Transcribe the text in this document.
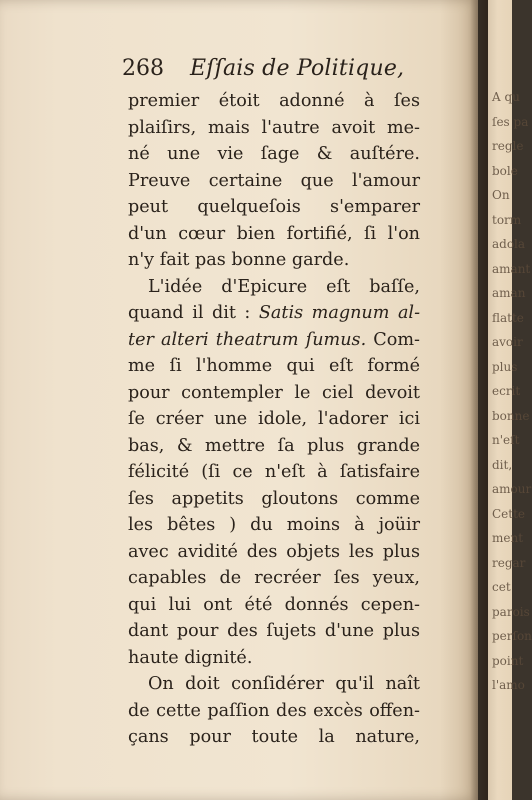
268 Eſſais de Politique,
premier étoit adonné à ſes
plaiſirs, mais l'autre avoit me-
né une vie ſage & auſtére.
Preuve certaine que l'amour
peut quelqueſois s'emparer
d'un cœur bien fortifié, ſi l'on
n'y fait pas bonne garde.
L'idée d'Epicure eſt baſſe,
quand il dit : Satis magnum al-
ter alteri theatrum ſumus. Com-
me ſi l'homme qui eſt formé
pour contempler le ciel devoit
ſe créer une idole, l'adorer ici
bas, & mettre ſa plus grande
félicité (ſi ce n'eſt à ſatisfaire
ſes appetits gloutons comme
les bêtes ) du moins à joüir
avec avidité des objets les plus
capables de recréer ſes yeux,
qui lui ont été donnés cepen-
dant pour des ſujets d'une plus
haute dignité.
On doit conſidérer qu'il naît
de cette paſſion des excès offen-
çans pour toute la nature,
A qu
ſes pa
regle
bole
On
torm
adola
amant
aman
flatte
avoir
plus
ecrit
bonne
n'eſt
dit,
amour
Cette
ment
regar
cet
parois
perſon
point
l'amo
